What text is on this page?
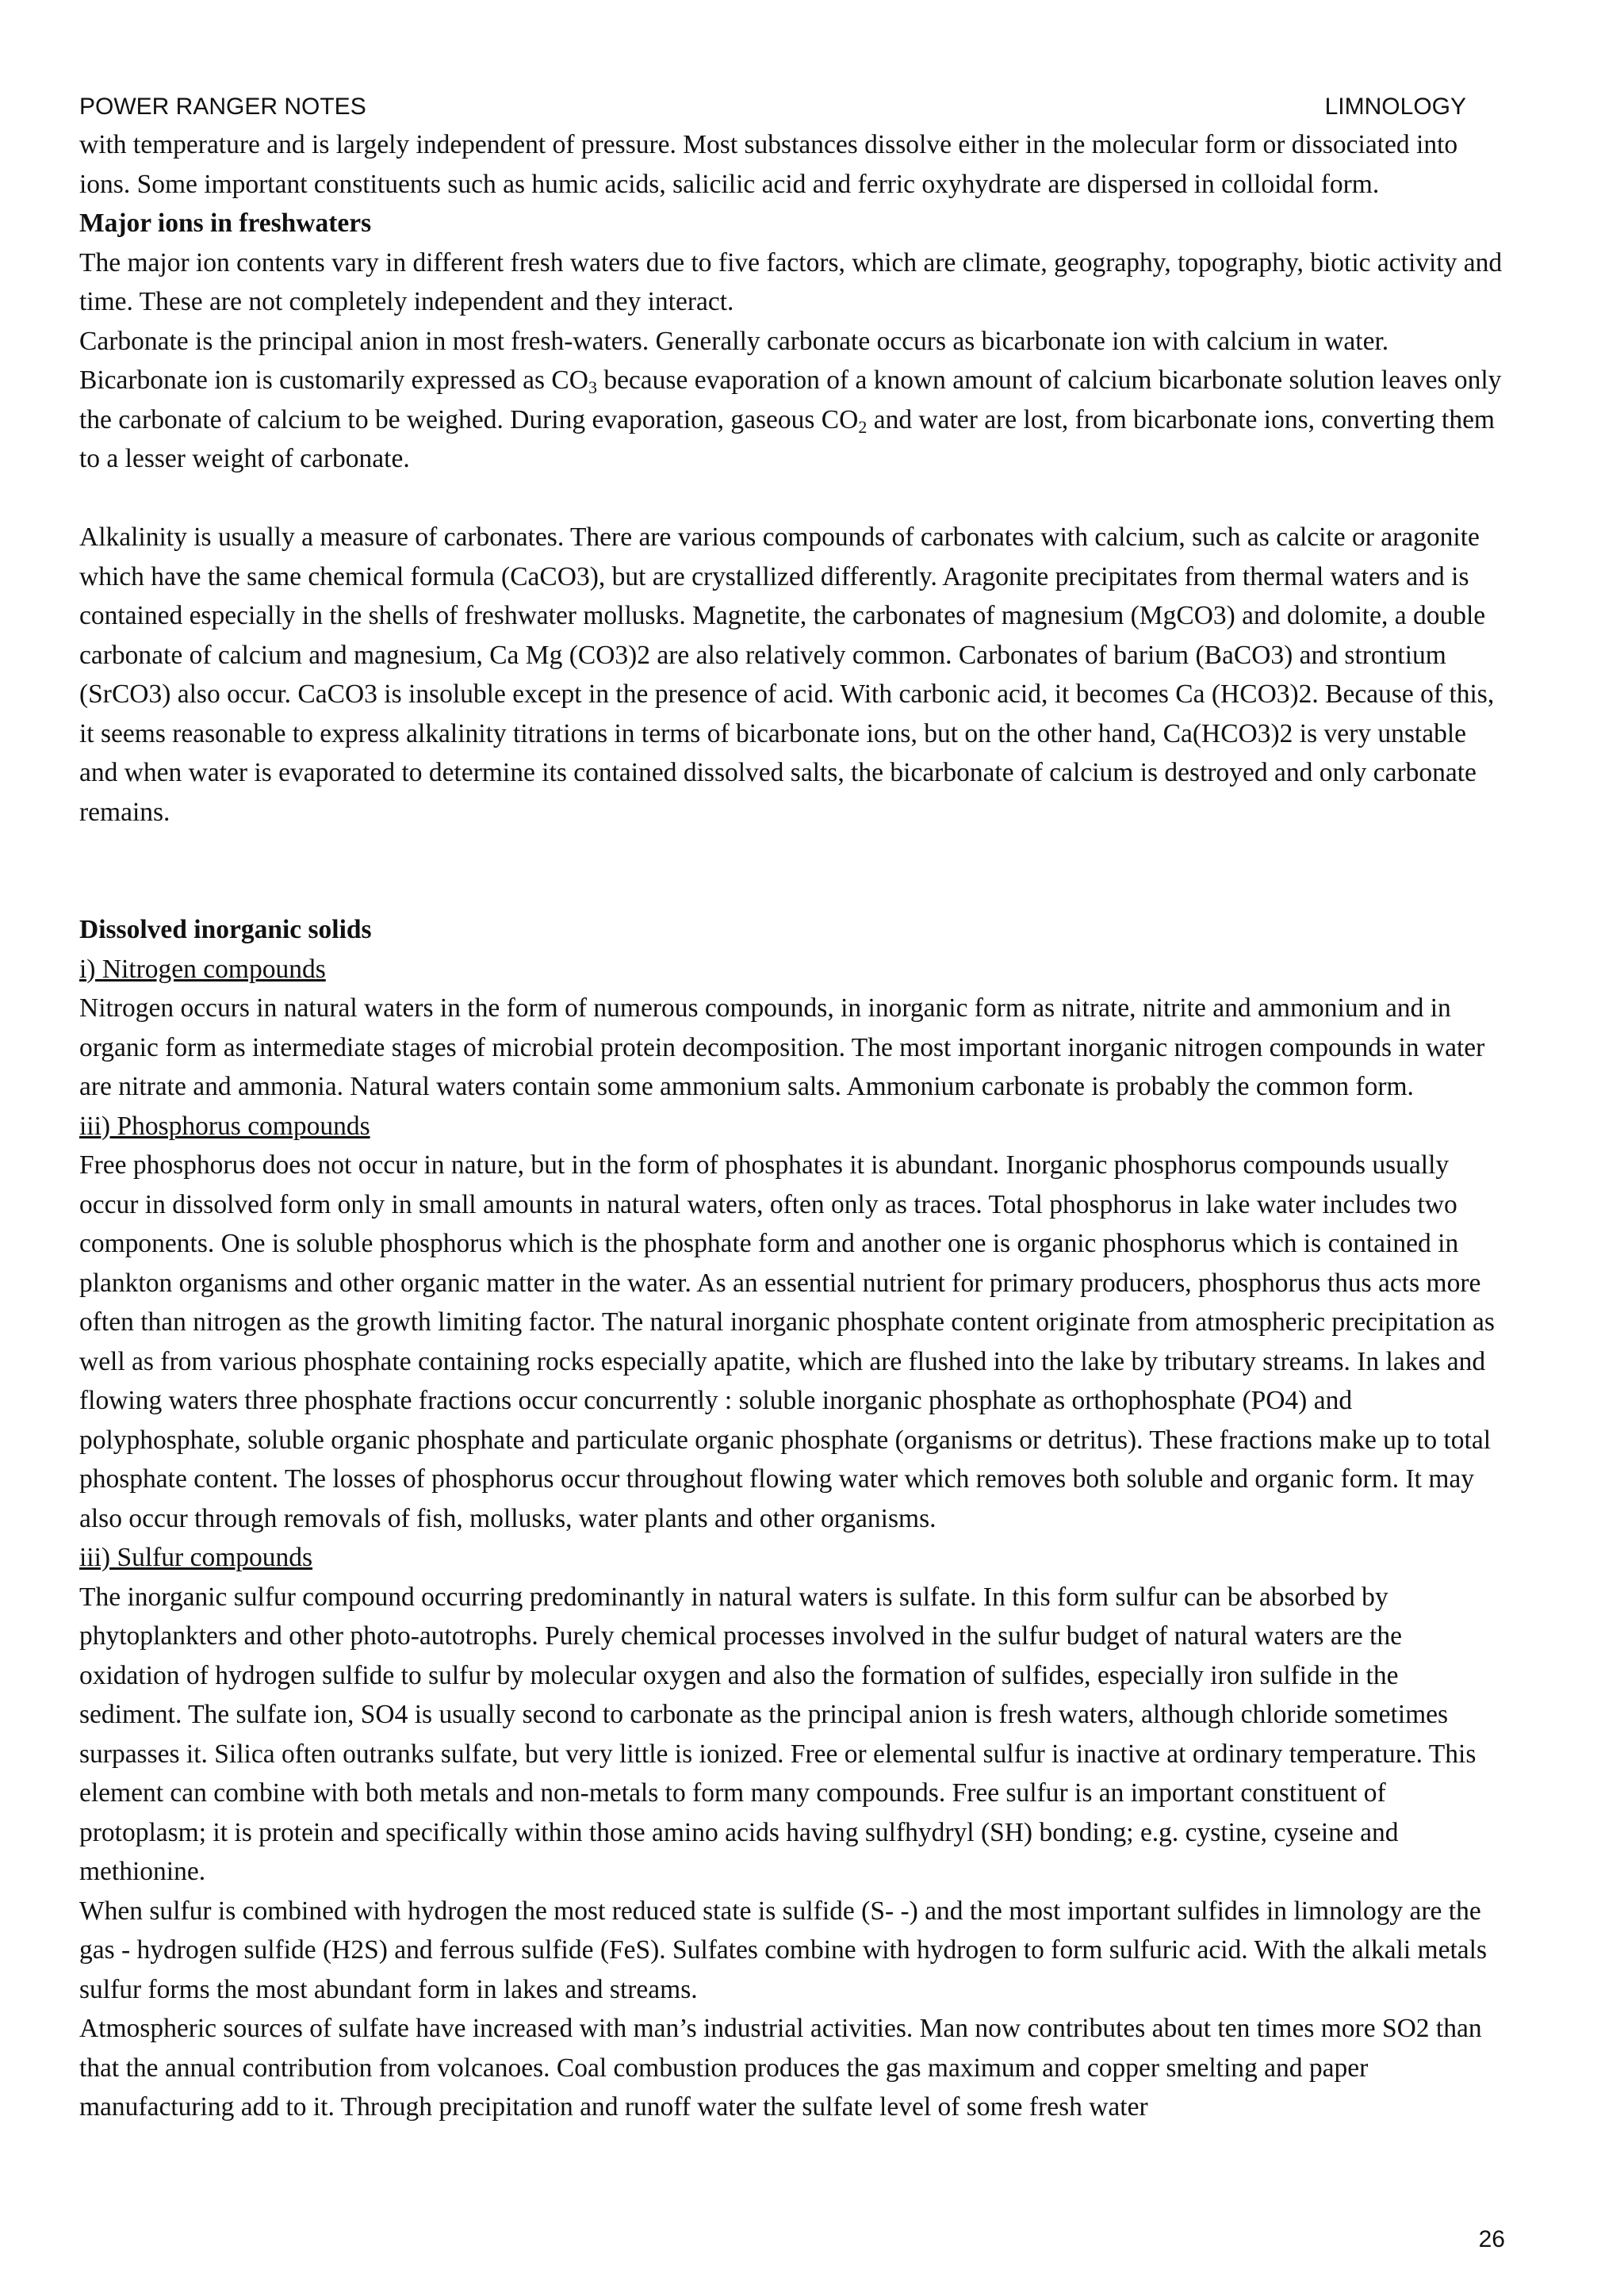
POWER RANGER NOTES	LIMNOLOGY

with temperature and is largely independent of pressure. Most substances dissolve either in the molecular form or dissociated into ions. Some important constituents such as humic acids, salicilic acid and ferric oxyhydrate are dispersed in colloidal form.

Major ions in freshwaters

The major ion contents vary in different fresh waters due to five factors, which are climate, geography, topography, biotic activity and time. These are not completely independent and they interact.

Carbonate is the principal anion in most fresh-waters. Generally carbonate occurs as bicarbonate ion with calcium in water. Bicarbonate ion is customarily expressed as $CO_3$ because evaporation of a known amount of calcium bicarbonate solution leaves only the carbonate of calcium to be weighed. During evaporation, gaseous $CO_2$ and water are lost, from bicarbonate ions, converting them to a lesser weight of carbonate.

Alkalinity is usually a measure of carbonates. There are various compounds of carbonates with calcium, such as calcite or aragonite which have the same chemical formula (CaCO3), but are crystallized differently. Aragonite precipitates from thermal waters and is contained especially in the shells of freshwater mollusks. Magnetite, the carbonates of magnesium (MgCO3) and dolomite, a double carbonate of calcium and magnesium, Ca Mg (CO3)2 are also relatively common. Carbonates of barium (BaCO3) and strontium (SrCO3) also occur. CaCO3 is insoluble except in the presence of acid. With carbonic acid, it becomes Ca (HCO3)2. Because of this, it seems reasonable to express alkalinity titrations in terms of bicarbonate ions, but on the other hand, Ca(HCO3)2 is very unstable and when water is evaporated to determine its contained dissolved salts, the bicarbonate of calcium is destroyed and only carbonate remains.

Dissolved inorganic solids

i) Nitrogen compounds

Nitrogen occurs in natural waters in the form of numerous compounds, in inorganic form as nitrate, nitrite and ammonium and in organic form as intermediate stages of microbial protein decomposition. The most important inorganic nitrogen compounds in water are nitrate and ammonia. Natural waters contain some ammonium salts. Ammonium carbonate is probably the common form.

iii) Phosphorus compounds

Free phosphorus does not occur in nature, but in the form of phosphates it is abundant. Inorganic phosphorus compounds usually occur in dissolved form only in small amounts in natural waters, often only as traces. Total phosphorus in lake water includes two components. One is soluble phosphorus which is the phosphate form and another one is organic phosphorus which is contained in plankton organisms and other organic matter in the water. As an essential nutrient for primary producers, phosphorus thus acts more often than nitrogen as the growth limiting factor. The natural inorganic phosphate content originate from atmospheric precipitation as well as from various phosphate containing rocks especially apatite, which are flushed into the lake by tributary streams. In lakes and flowing waters three phosphate fractions occur concurrently : soluble inorganic phosphate as orthophosphate (PO4) and polyphosphate, soluble organic phosphate and particulate organic phosphate (organisms or detritus). These fractions make up to total phosphate content. The losses of phosphorus occur throughout flowing water which removes both soluble and organic form. It may also occur through removals of fish, mollusks, water plants and other organisms.

iii) Sulfur compounds

The inorganic sulfur compound occurring predominantly in natural waters is sulfate. In this form sulfur can be absorbed by phytoplankters and other photo-autotrophs. Purely chemical processes involved in the sulfur budget of natural waters are the oxidation of hydrogen sulfide to sulfur by molecular oxygen and also the formation of sulfides, especially iron sulfide in the sediment. The sulfate ion, SO4 is usually second to carbonate as the principal anion is fresh waters, although chloride sometimes surpasses it. Silica often outranks sulfate, but very little is ionized. Free or elemental sulfur is inactive at ordinary temperature. This element can combine with both metals and non-metals to form many compounds. Free sulfur is an important constituent of protoplasm; it is protein and specifically within those amino acids having sulfhydryl (SH) bonding; e.g. cystine, cyseine and methionine.

When sulfur is combined with hydrogen the most reduced state is sulfide (S- -) and the most important sulfides in limnology are the gas - hydrogen sulfide (H2S) and ferrous sulfide (FeS). Sulfates combine with hydrogen to form sulfuric acid. With the alkali metals sulfur forms the most abundant form in lakes and streams.

Atmospheric sources of sulfate have increased with man’s industrial activities. Man now contributes about ten times more SO2 than that the annual contribution from volcanoes. Coal combustion produces the gas maximum and copper smelting and paper manufacturing add to it. Through precipitation and runoff water the sulfate level of some fresh water

26
